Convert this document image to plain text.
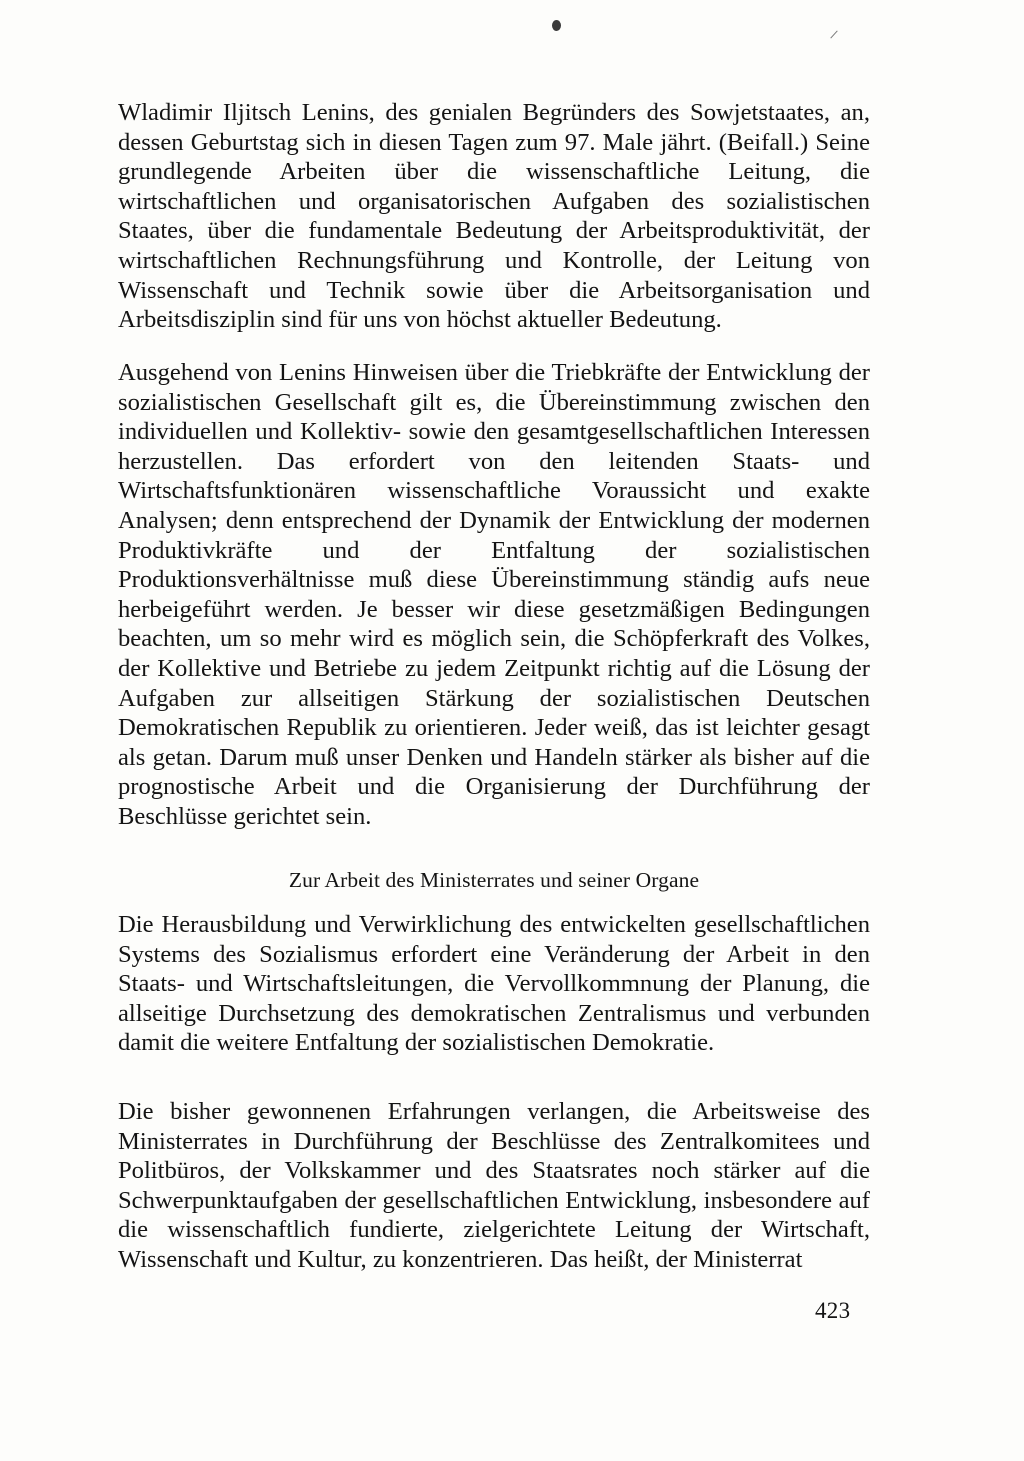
Wladimir Iljitsch Lenins, des genialen Begründers des Sowjetstaates, an, dessen Geburtstag sich in diesen Tagen zum 97. Male jährt. (Beifall.) Seine grundlegende Arbeiten über die wissenschaftliche Leitung, die wirtschaftlichen und organisatorischen Aufgaben des sozialistischen Staates, über die fundamentale Bedeutung der Arbeitsproduktivität, der wirtschaftlichen Rechnungsführung und Kontrolle, der Leitung von Wissenschaft und Technik sowie über die Arbeitsorganisation und Arbeitsdisziplin sind für uns von höchst aktueller Bedeutung.

Ausgehend von Lenins Hinweisen über die Triebkräfte der Entwicklung der sozialistischen Gesellschaft gilt es, die Übereinstimmung zwischen den individuellen und Kollektiv- sowie den gesamtgesellschaftlichen Interessen herzustellen. Das erfordert von den leitenden Staats- und Wirtschaftsfunktionären wissenschaftliche Voraussicht und exakte Analysen; denn entsprechend der Dynamik der Entwicklung der modernen Produktivkräfte und der Entfaltung der sozialistischen Produktionsverhältnisse muß diese Übereinstimmung ständig aufs neue herbeigeführt werden. Je besser wir diese gesetzmäßigen Bedingungen beachten, um so mehr wird es möglich sein, die Schöpferkraft des Volkes, der Kollektive und Betriebe zu jedem Zeitpunkt richtig auf die Lösung der Aufgaben zur allseitigen Stärkung der sozialistischen Deutschen Demokratischen Republik zu orientieren. Jeder weiß, das ist leichter gesagt als getan. Darum muß unser Denken und Handeln stärker als bisher auf die prognostische Arbeit und die Organisierung der Durchführung der Beschlüsse gerichtet sein.

Zur Arbeit des Ministerrates und seiner Organe

Die Herausbildung und Verwirklichung des entwickelten gesellschaftlichen Systems des Sozialismus erfordert eine Veränderung der Arbeit in den Staats- und Wirtschaftsleitungen, die Vervollkommnung der Planung, die allseitige Durchsetzung des demokratischen Zentralismus und verbunden damit die weitere Entfaltung der sozialistischen Demokratie.

Die bisher gewonnenen Erfahrungen verlangen, die Arbeitsweise des Ministerrates in Durchführung der Beschlüsse des Zentralkomitees und Politbüros, der Volkskammer und des Staatsrates noch stärker auf die Schwerpunktaufgaben der gesellschaftlichen Entwicklung, insbesondere auf die wissenschaftlich fundierte, zielgerichtete Leitung der Wirtschaft, Wissenschaft und Kultur, zu konzentrieren. Das heißt, der Ministerrat

423
